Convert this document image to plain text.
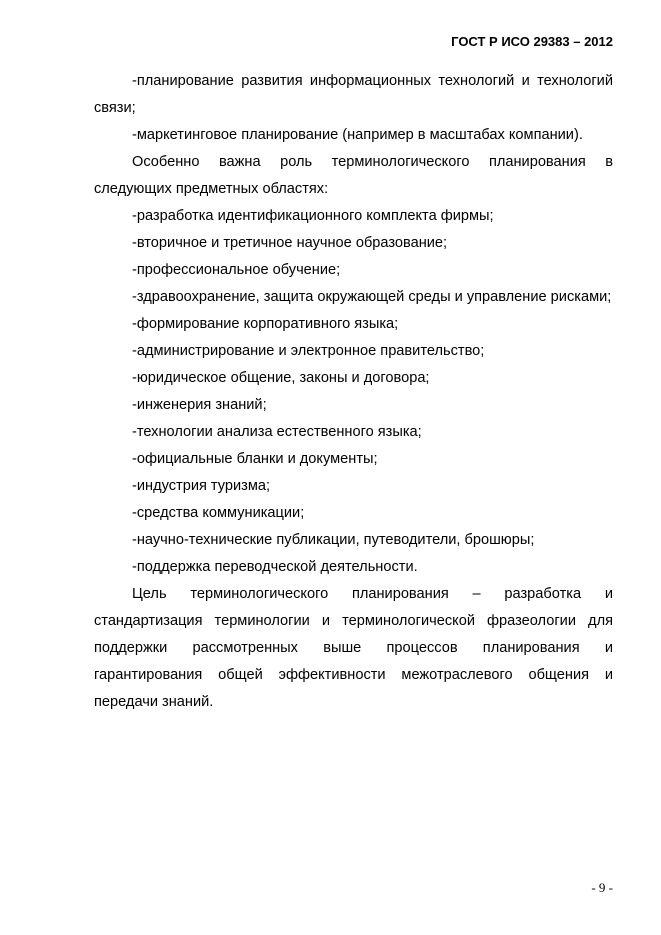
ГОСТ Р ИСО 29383 – 2012

-планирование развития информационных технологий и технологий связи;

-маркетинговое планирование (например в масштабах компании).

Особенно важна роль терминологического планирования в следующих предметных областях:

-разработка идентификационного комплекта фирмы;

-вторичное и третичное научное образование;

-профессиональное обучение;

-здравоохранение, защита окружающей среды и управление рисками;

-формирование корпоративного языка;

-администрирование и электронное правительство;

-юридическое общение, законы и договора;

-инженерия знаний;

-технологии анализа естественного языка;

-официальные бланки и документы;

-индустрия туризма;

-средства коммуникации;

-научно-технические публикации, путеводители, брошюры;

-поддержка переводческой деятельности.

Цель терминологического планирования – разработка и стандартизация терминологии и терминологической фразеологии для поддержки рассмотренных выше процессов планирования и гарантирования общей эффективности межотраслевого общения и передачи знаний.

- 9 -
